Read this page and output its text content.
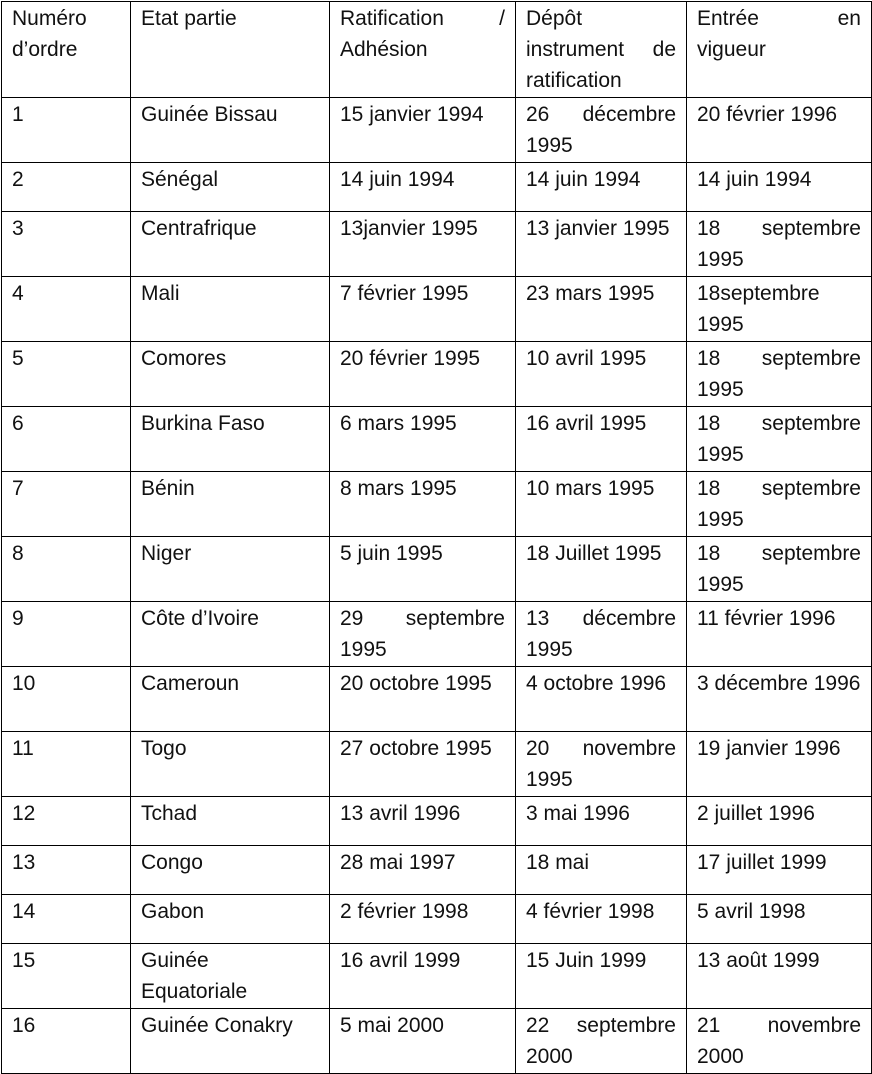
Numéro d’ordre	Etat partie	Ratification / Adhésion	Dépôt instrument de ratification	Entrée en vigueur
1	Guinée Bissau	15 janvier 1994	26 décembre 1995	20 février 1996
2	Sénégal	14 juin 1994	14 juin 1994	14 juin 1994
3	Centrafrique	13janvier 1995	13 janvier 1995	18 septembre 1995
4	Mali	7 février 1995	23 mars 1995	18septembre 1995
5	Comores	20 février 1995	10 avril 1995	18 septembre 1995
6	Burkina Faso	6 mars 1995	16 avril 1995	18 septembre 1995
7	Bénin	8 mars 1995	10 mars 1995	18 septembre 1995
8	Niger	5 juin 1995	18 Juillet 1995	18 septembre 1995
9	Côte d’Ivoire	29 septembre 1995	13 décembre 1995	11 février 1996
10	Cameroun	20 octobre 1995	4 octobre 1996	3 décembre 1996
11	Togo	27 octobre 1995	20 novembre 1995	19 janvier 1996
12	Tchad	13 avril 1996	3 mai 1996	2 juillet 1996
13	Congo	28 mai 1997	18 mai	17 juillet 1999
14	Gabon	2 février 1998	4 février 1998	5 avril 1998
15	Guinée Equatoriale	16 avril 1999	15 Juin 1999	13 août 1999
16	Guinée Conakry	5 mai 2000	22 septembre 2000	21 novembre 2000
